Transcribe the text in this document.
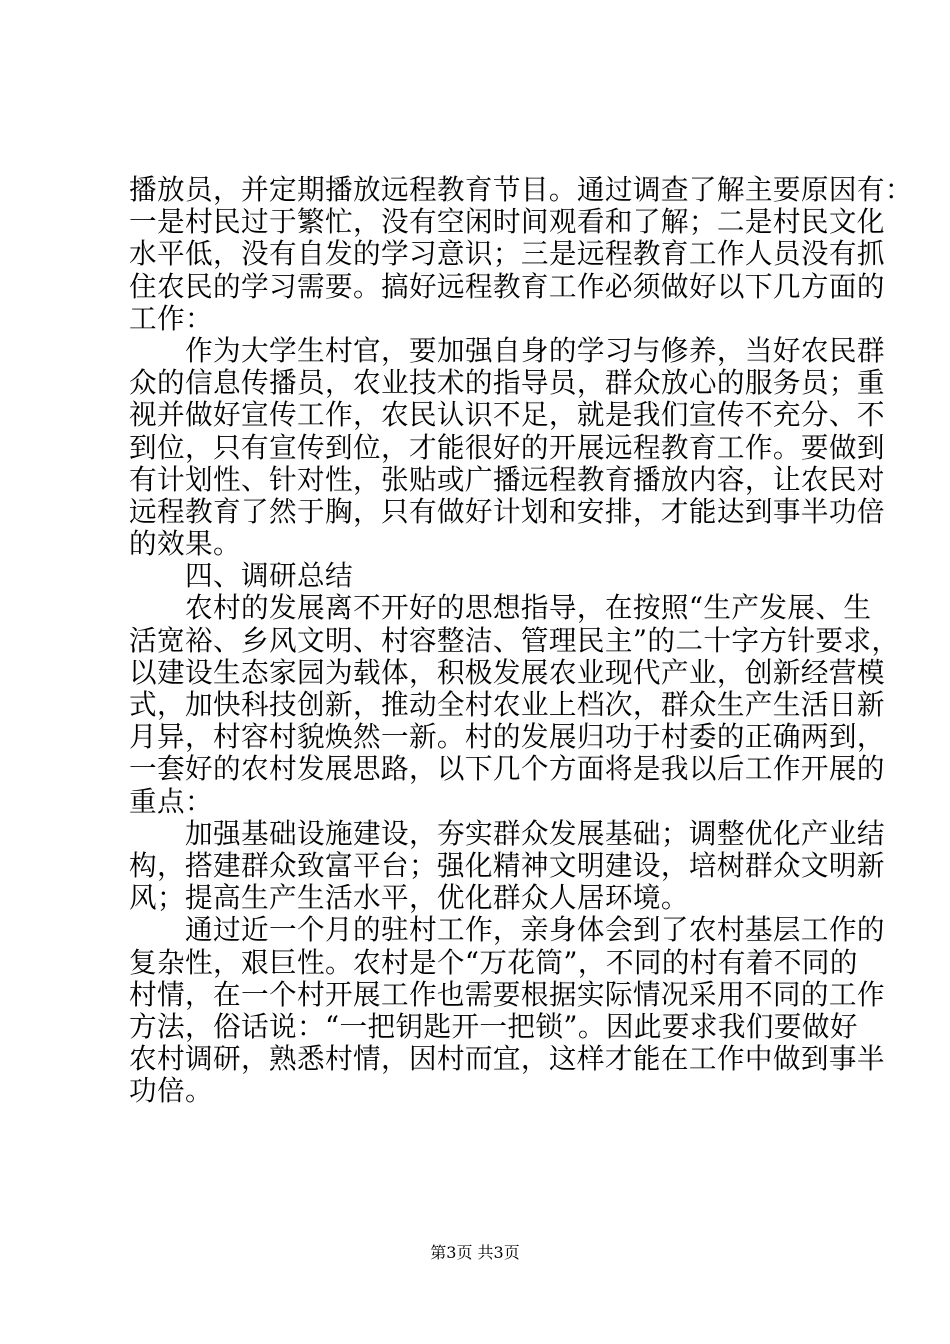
播放员，并定期播放远程教育节目。通过调查了解主要原因有：
一是村民过于繁忙，没有空闲时间观看和了解；二是村民文化
水平低，没有自发的学习意识；三是远程教育工作人员没有抓
住农民的学习需要。搞好远程教育工作必须做好以下几方面的
工作：
作为大学生村官，要加强自身的学习与修养，当好农民群
众的信息传播员，农业技术的指导员，群众放心的服务员；重
视并做好宣传工作，农民认识不足，就是我们宣传不充分、不
到位，只有宣传到位，才能很好的开展远程教育工作。要做到
有计划性、针对性，张贴或广播远程教育播放内容，让农民对
远程教育了然于胸，只有做好计划和安排，才能达到事半功倍
的效果。
四、调研总结
农村的发展离不开好的思想指导，在按照“生产发展、生
活宽裕、乡风文明、村容整洁、管理民主”的二十字方针要求，
以建设生态家园为载体，积极发展农业现代产业，创新经营模
式，加快科技创新，推动全村农业上档次，群众生产生活日新
月异，村容村貌焕然一新。村的发展归功于村委的正确两到，
一套好的农村发展思路，以下几个方面将是我以后工作开展的
重点：
加强基础设施建设，夯实群众发展基础；调整优化产业结
构，搭建群众致富平台；强化精神文明建设，培树群众文明新
风；提高生产生活水平，优化群众人居环境。
通过近一个月的驻村工作，亲身体会到了农村基层工作的
复杂性，艰巨性。农村是个“万花筒”，不同的村有着不同的
村情，在一个村开展工作也需要根据实际情况采用不同的工作
方法，俗话说：“一把钥匙开一把锁”。因此要求我们要做好
农村调研，熟悉村情，因村而宜，这样才能在工作中做到事半
功倍。
第3页 共3页
